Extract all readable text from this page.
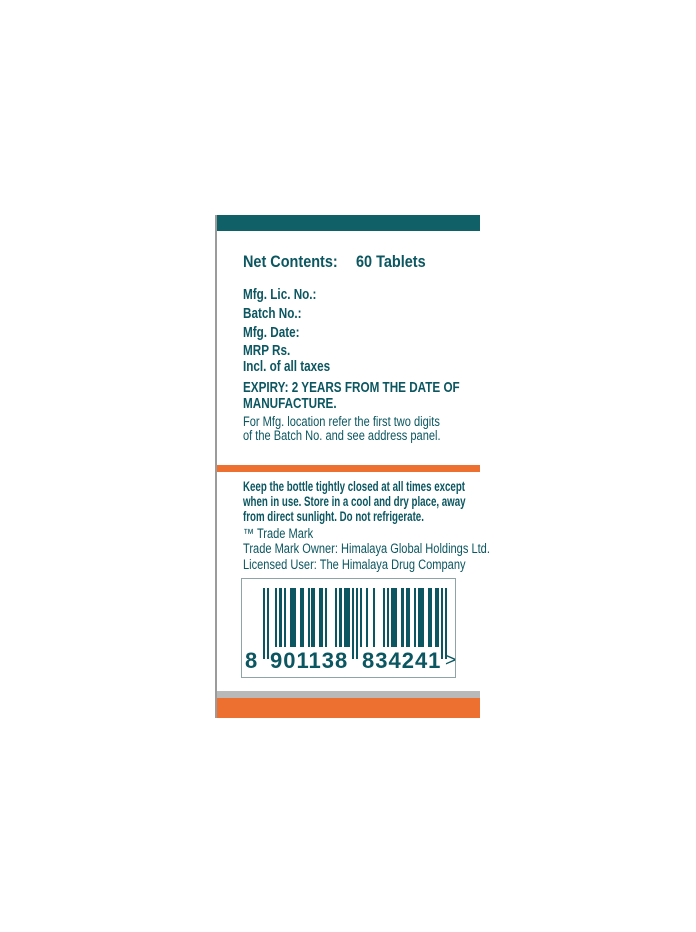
Net Contents:	60 Tablets
Mfg. Lic. No.:
Batch No.:
Mfg. Date:
MRP Rs.
Incl. of all taxes
EXPIRY: 2 YEARS FROM THE DATE OF
MANUFACTURE.
For Mfg. location refer the first two digits
of the Batch No. and see address panel.
Keep the bottle tightly closed at all times except
when in use. Store in a cool and dry place, away
from direct sunlight. Do not refrigerate.
™ Trade Mark
Trade Mark Owner: Himalaya Global Holdings Ltd.
Licensed User: The Himalaya Drug Company
8 901138 834241 >
